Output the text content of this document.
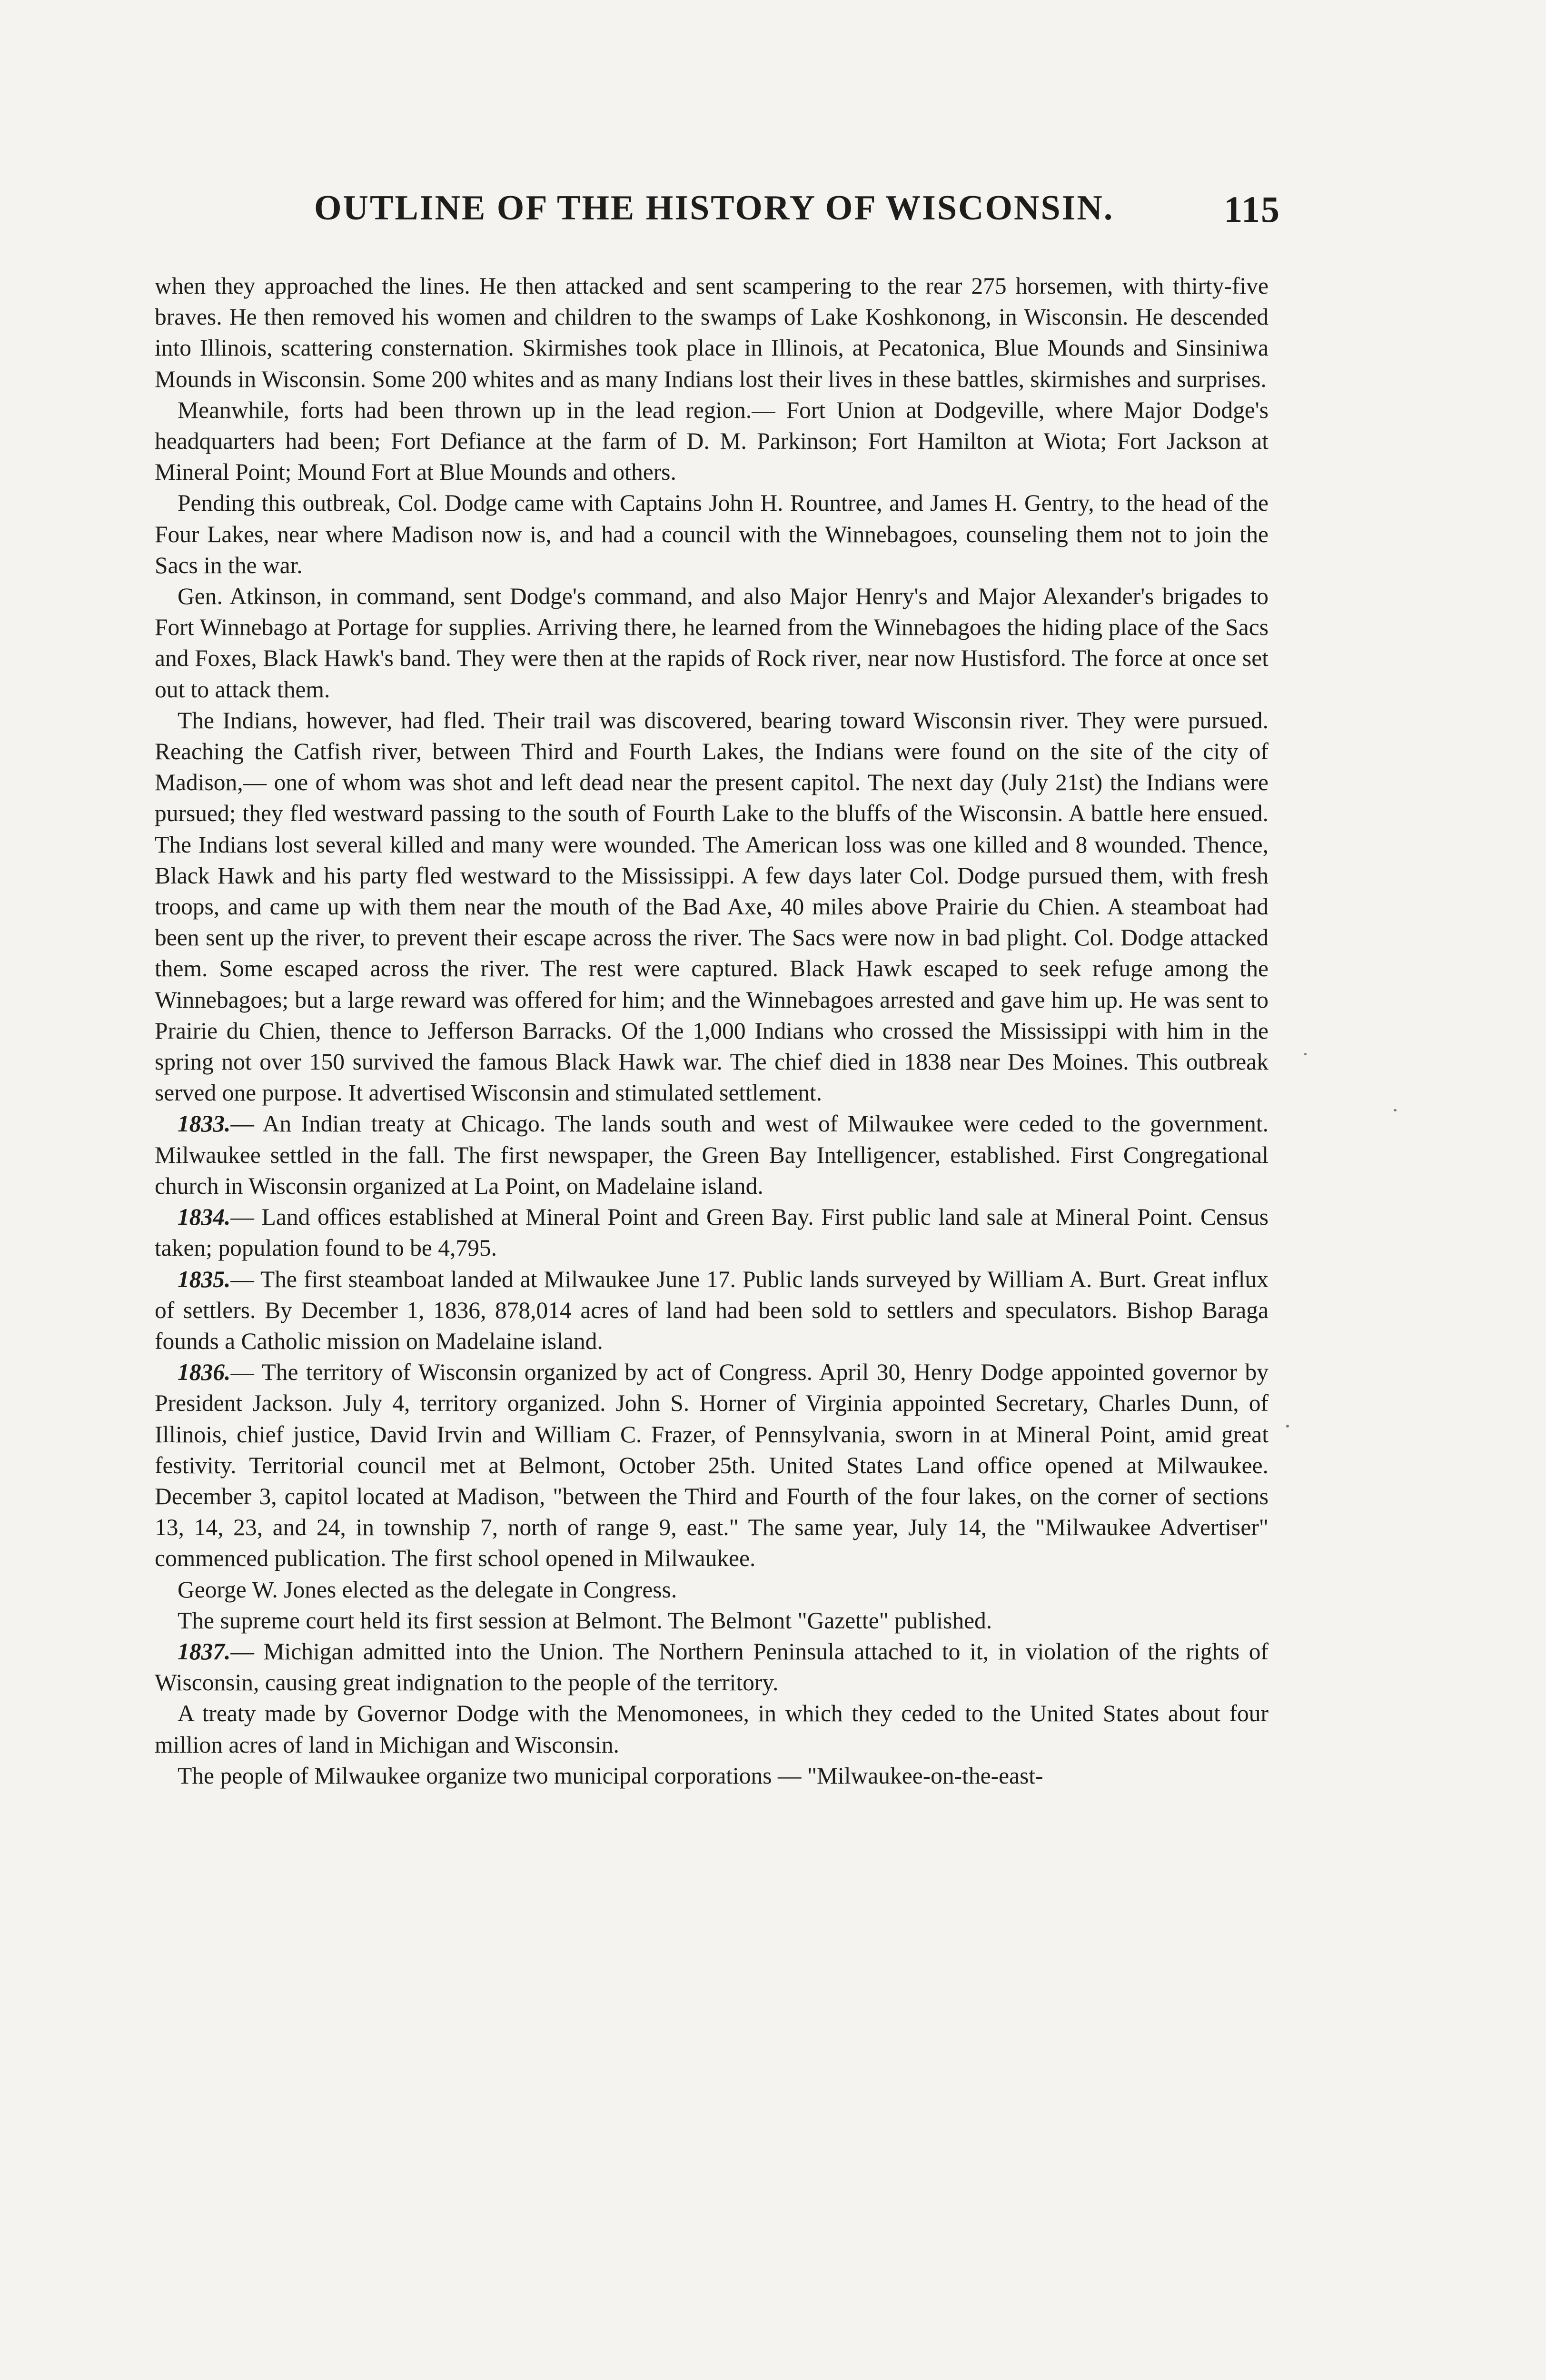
OUTLINE OF THE HISTORY OF WISCONSIN.	115

when they approached the lines. He then attacked and sent scampering to the rear 275 horsemen, with thirty-five braves. He then removed his women and children to the swamps of Lake Koshkonong, in Wisconsin. He descended into Illinois, scattering consternation. Skirmishes took place in Illinois, at Pecatonica, Blue Mounds and Sinsiniwa Mounds in Wisconsin. Some 200 whites and as many Indians lost their lives in these battles, skirmishes and surprises.

Meanwhile, forts had been thrown up in the lead region.— Fort Union at Dodgeville, where Major Dodge's headquarters had been; Fort Defiance at the farm of D. M. Parkinson; Fort Hamilton at Wiota; Fort Jackson at Mineral Point; Mound Fort at Blue Mounds and others.

Pending this outbreak, Col. Dodge came with Captains John H. Rountree, and James H. Gentry, to the head of the Four Lakes, near where Madison now is, and had a council with the Winnebagoes, counseling them not to join the Sacs in the war.

Gen. Atkinson, in command, sent Dodge's command, and also Major Henry's and Major Alexander's brigades to Fort Winnebago at Portage for supplies. Arriving there, he learned from the Winnebagoes the hiding place of the Sacs and Foxes, Black Hawk's band. They were then at the rapids of Rock river, near now Hustisford. The force at once set out to attack them.

The Indians, however, had fled. Their trail was discovered, bearing toward Wisconsin river. They were pursued. Reaching the Catfish river, between Third and Fourth Lakes, the Indians were found on the site of the city of Madison,— one of whom was shot and left dead near the present capitol. The next day (July 21st) the Indians were pursued; they fled westward passing to the south of Fourth Lake to the bluffs of the Wisconsin. A battle here ensued. The Indians lost several killed and many were wounded. The American loss was one killed and 8 wounded. Thence, Black Hawk and his party fled westward to the Mississippi. A few days later Col. Dodge pursued them, with fresh troops, and came up with them near the mouth of the Bad Axe, 40 miles above Prairie du Chien. A steamboat had been sent up the river, to prevent their escape across the river. The Sacs were now in bad plight. Col. Dodge attacked them. Some escaped across the river. The rest were captured. Black Hawk escaped to seek refuge among the Winnebagoes; but a large reward was offered for him; and the Winnebagoes arrested and gave him up. He was sent to Prairie du Chien, thence to Jefferson Barracks. Of the 1,000 Indians who crossed the Mississippi with him in the spring not over 150 survived the famous Black Hawk war. The chief died in 1838 near Des Moines. This outbreak served one purpose. It advertised Wisconsin and stimulated settlement.

1833.— An Indian treaty at Chicago. The lands south and west of Milwaukee were ceded to the government. Milwaukee settled in the fall. The first newspaper, the Green Bay Intelligencer, established. First Congregational church in Wisconsin organized at La Point, on Madelaine island.

1834.— Land offices established at Mineral Point and Green Bay. First public land sale at Mineral Point. Census taken; population found to be 4,795.

1835.— The first steamboat landed at Milwaukee June 17. Public lands surveyed by William A. Burt. Great influx of settlers. By December 1, 1836, 878,014 acres of land had been sold to settlers and speculators. Bishop Baraga founds a Catholic mission on Madelaine island.

1836.— The territory of Wisconsin organized by act of Congress. April 30, Henry Dodge appointed governor by President Jackson. July 4, territory organized. John S. Horner of Virginia appointed Secretary, Charles Dunn, of Illinois, chief justice, David Irvin and William C. Frazer, of Pennsylvania, sworn in at Mineral Point, amid great festivity. Territorial council met at Belmont, October 25th. United States Land office opened at Milwaukee. December 3, capitol located at Madison, "between the Third and Fourth of the four lakes, on the corner of sections 13, 14, 23, and 24, in township 7, north of range 9, east." The same year, July 14, the "Milwaukee Advertiser" commenced publication. The first school opened in Milwaukee.

George W. Jones elected as the delegate in Congress.

The supreme court held its first session at Belmont. The Belmont "Gazette" published.

1837.— Michigan admitted into the Union. The Northern Peninsula attached to it, in violation of the rights of Wisconsin, causing great indignation to the people of the territory.

A treaty made by Governor Dodge with the Menomonees, in which they ceded to the United States about four million acres of land in Michigan and Wisconsin.

The people of Milwaukee organize two municipal corporations — "Milwaukee-on-the-east-
